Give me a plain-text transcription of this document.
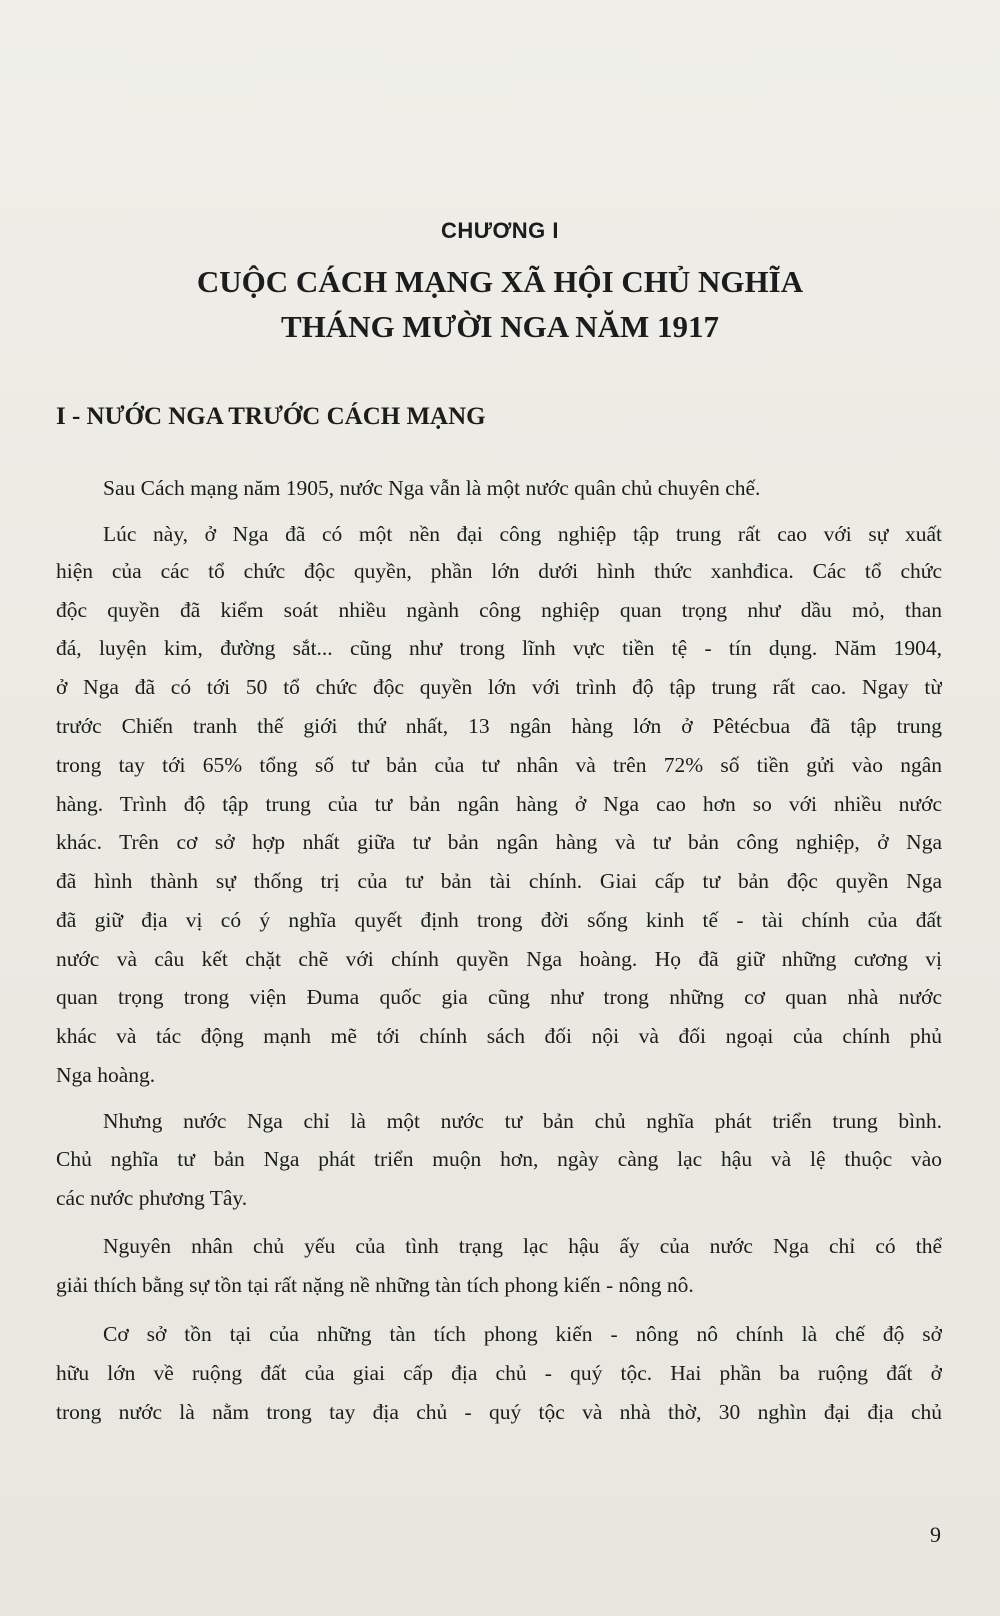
CHƯƠNG I
CUỘC CÁCH MẠNG XÃ HỘI CHỦ NGHĨA
THÁNG MƯỜI NGA NĂM 1917
I - NƯỚC NGA TRƯỚC CÁCH MẠNG
Sau Cách mạng năm 1905, nước Nga vẫn là một nước quân chủ chuyên chế.
Lúc này, ở Nga đã có một nền đại công nghiệp tập trung rất cao với sự xuất
hiện của các tổ chức độc quyền, phần lớn dưới hình thức xanhđica. Các tổ chức
độc quyền đã kiểm soát nhiều ngành công nghiệp quan trọng như dầu mỏ, than
đá, luyện kim, đường sắt... cũng như trong lĩnh vực tiền tệ - tín dụng. Năm 1904,
ở Nga đã có tới 50 tổ chức độc quyền lớn với trình độ tập trung rất cao. Ngay từ
trước Chiến tranh thế giới thứ nhất, 13 ngân hàng lớn ở Pêtécbua đã tập trung
trong tay tới 65% tổng số tư bản của tư nhân và trên 72% số tiền gửi vào ngân
hàng. Trình độ tập trung của tư bản ngân hàng ở Nga cao hơn so với nhiều nước
khác. Trên cơ sở hợp nhất giữa tư bản ngân hàng và tư bản công nghiệp, ở Nga
đã hình thành sự thống trị của tư bản tài chính. Giai cấp tư bản độc quyền Nga
đã giữ địa vị có ý nghĩa quyết định trong đời sống kinh tế - tài chính của đất
nước và câu kết chặt chẽ với chính quyền Nga hoàng. Họ đã giữ những cương vị
quan trọng trong viện Đuma quốc gia cũng như trong những cơ quan nhà nước
khác và tác động mạnh mẽ tới chính sách đối nội và đối ngoại của chính phủ
Nga hoàng.
Nhưng nước Nga chỉ là một nước tư bản chủ nghĩa phát triển trung bình.
Chủ nghĩa tư bản Nga phát triển muộn hơn, ngày càng lạc hậu và lệ thuộc vào
các nước phương Tây.
Nguyên nhân chủ yếu của tình trạng lạc hậu ấy của nước Nga chỉ có thể
giải thích bằng sự tồn tại rất nặng nề những tàn tích phong kiến - nông nô.
Cơ sở tồn tại của những tàn tích phong kiến - nông nô chính là chế độ sở
hữu lớn về ruộng đất của giai cấp địa chủ - quý tộc. Hai phần ba ruộng đất ở
trong nước là nằm trong tay địa chủ - quý tộc và nhà thờ, 30 nghìn đại địa chủ
9
